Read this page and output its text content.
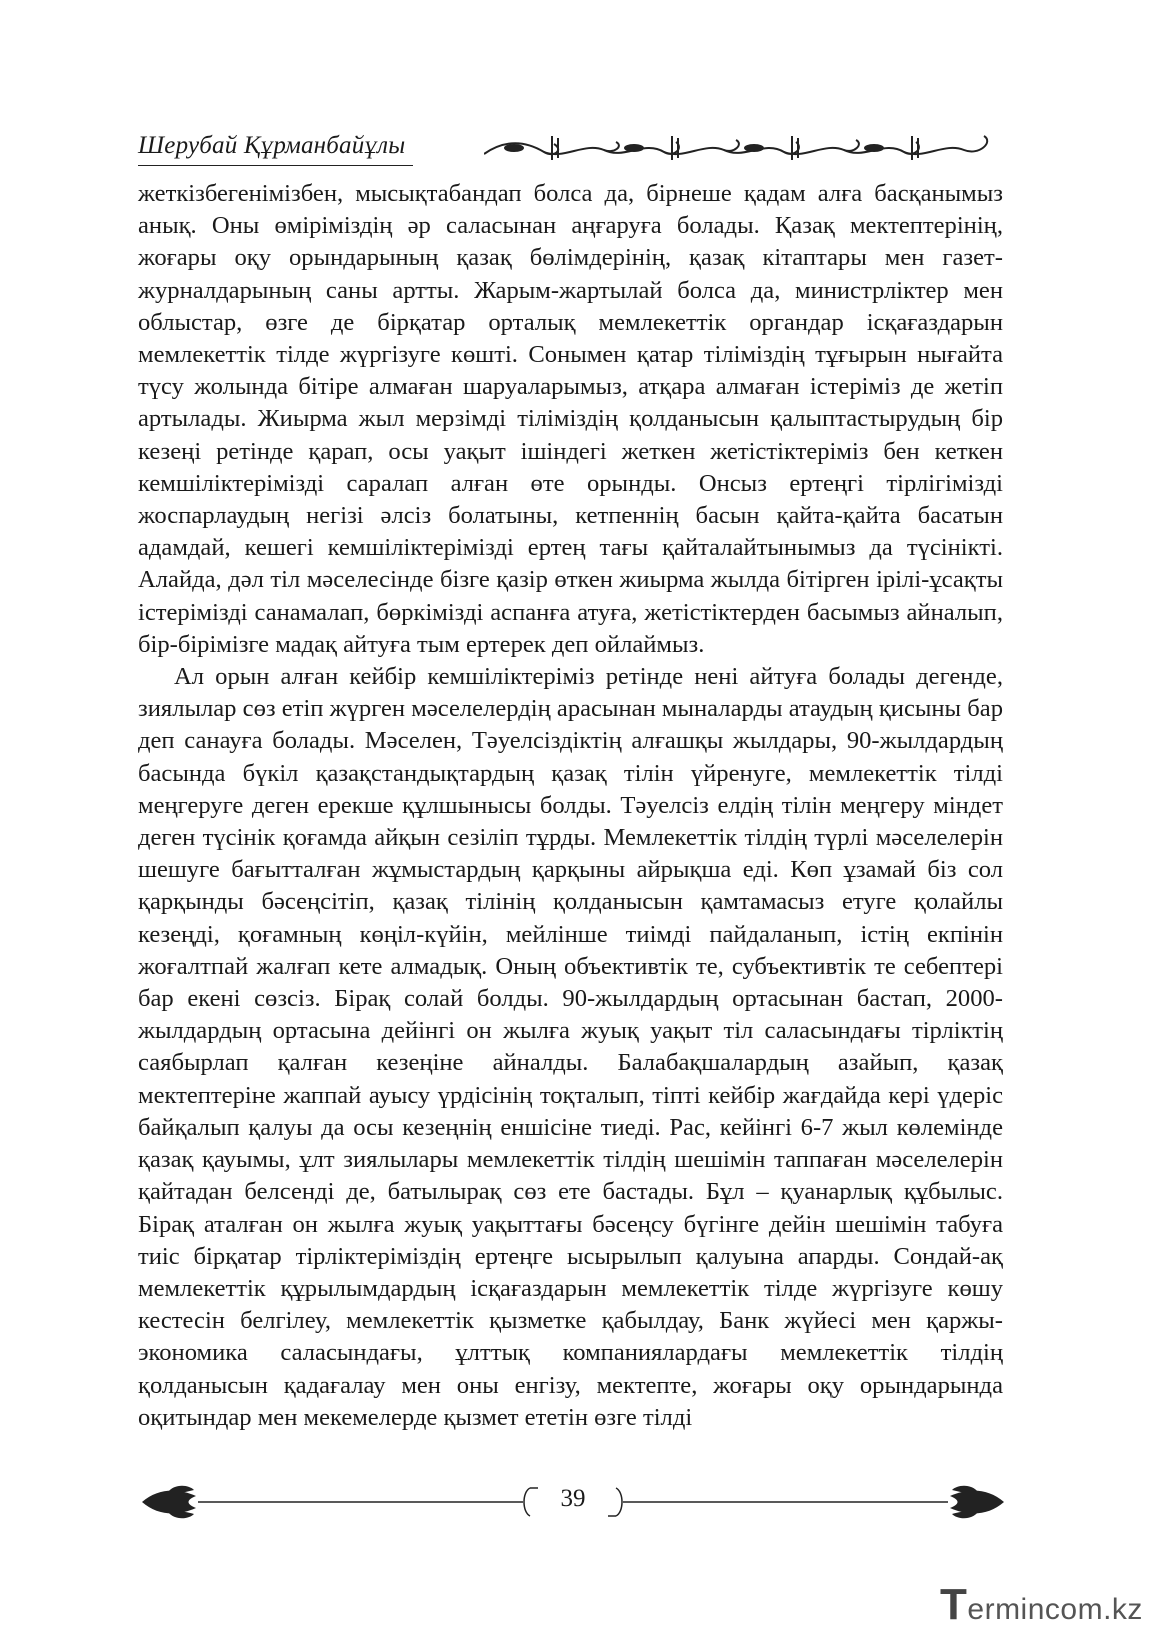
Шерубай Құрманбайұлы

жеткізбегенімізбен, мысықтабандап болса да, бірнеше қадам алға басқанымыз анық. Оны өміріміздің әр саласынан аңғаруға болады. Қазақ мектептерінің, жоғары оқу орындарының қазақ бөлімдерінің, қазақ кітаптары мен газет-журналдарының саны артты. Жарым-жартылай болса да, министрліктер мен облыстар, өзге де бірқатар орталық мемлекеттік органдар ісқағаздарын мемлекеттік тілде жүргізуге көшті. Сонымен қатар тіліміздің тұғырын нығайта түсу жолында бітіре алмаған шаруаларымыз, атқара алмаған істеріміз де жетіп артылады. Жиырма жыл мерзімді тіліміздің қолданысын қалыптастырудың бір кезеңі ретінде қарап, осы уақыт ішіндегі жеткен жетістіктеріміз бен кеткен кемшіліктерімізді саралап алған өте орынды. Онсыз ертеңгі тірлігімізді жоспарлаудың негізі әлсіз болатыны, кетпеннің басын қайта-қайта басатын адамдай, кешегі кемшіліктерімізді ертең тағы қайталайтынымыз да түсінікті. Алайда, дәл тіл мәселесінде бізге қазір өткен жиырма жылда бітірген ірілі-ұсақты істерімізді санамалап, бөркімізді аспанға атуға, жетістіктерден басымыз айналып, бір-бірімізге мадақ айтуға тым ертерек деп ойлаймыз.

Ал орын алған кейбір кемшіліктеріміз ретінде нені айтуға болады дегенде, зиялылар сөз етіп жүрген мәселелердің арасынан мыналарды атаудың қисыны бар деп санауға болады. Мәселен, Тәуелсіздіктің алғашқы жылдары, 90-жылдардың басында бүкіл қазақстандықтардың қазақ тілін үйренуге, мемлекеттік тілді меңгеруге деген ерекше құлшынысы болды. Тәуелсіз елдің тілін меңгеру міндет деген түсінік қоғамда айқын сезіліп тұрды. Мемлекеттік тілдің түрлі мәселелерін шешуге бағытталған жұмыстардың қарқыны айрықша еді. Көп ұзамай біз сол қарқынды бәсеңсітіп, қазақ тілінің қолданысын қамтамасыз етуге қолайлы кезеңді, қоғамның көңіл-күйін, мейлінше тиімді пайдаланып, істің екпінін жоғалтпай жалғап кете алмадық. Оның объективтік те, субъективтік те себептері бар екені сөзсіз. Бірақ солай болды. 90-жылдардың ортасынан бастап, 2000-жылдардың ортасына дейінгі он жылға жуық уақыт тіл саласындағы тірліктің саябырлап қалған кезеңіне айналды. Балабақшалардың азайып, қазақ мектептеріне жаппай ауысу үрдісінің тоқталып, тіпті кейбір жағдайда кері үдеріс байқалып қалуы да осы кезеңнің еншісіне тиеді. Рас, кейінгі 6-7 жыл көлемінде қазақ қауымы, ұлт зиялылары мемлекеттік тілдің шешімін таппаған мәселелерін қайтадан белсенді де, батылырақ сөз ете бастады. Бұл – қуанарлық құбылыс. Бірақ аталған он жылға жуық уақыттағы бәсеңсу бүгінге дейін шешімін табуға тиіс бірқатар тірліктеріміздің ертеңге ысырылып қалуына апарды. Сондай-ақ мемлекеттік құрылымдардың ісқағаздарын мемлекеттік тілде жүргізуге көшу кестесін белгілеу, мемлекеттік қызметке қабылдау, Банк жүйесі мен қаржы-экономика саласындағы, ұлттық компаниялардағы мемлекеттік тілдің қолданысын қадағалау мен оны енгізу, мектепте, жоғары оқу орындарында оқитындар мен мекемелерде қызмет ететін өзге тілді

39
Termincom.kz
